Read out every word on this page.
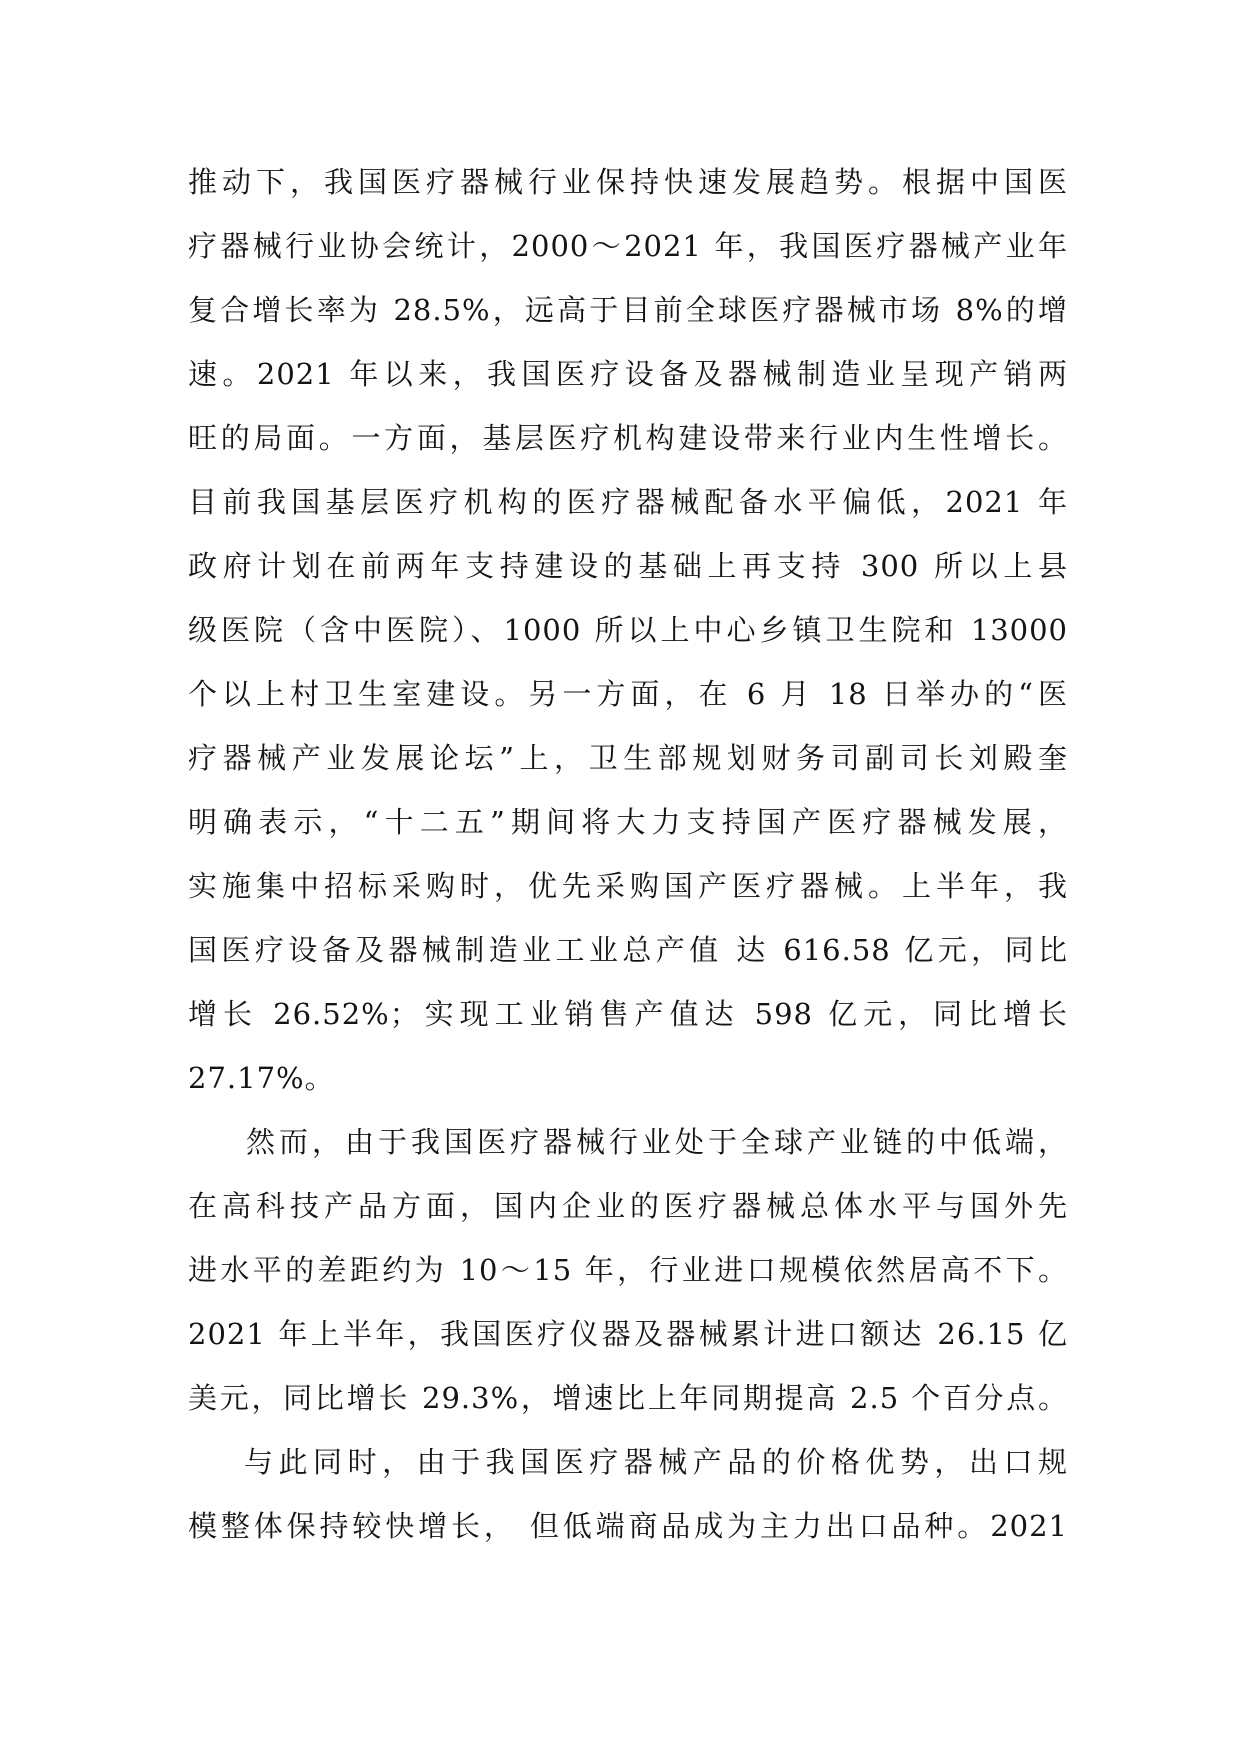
推动下，我国医疗器械行业保持快速发展趋势。根据中国医
疗器械行业协会统计，2000～2021 年，我国医疗器械产业年
复合增长率为 28.5%，远高于目前全球医疗器械市场 8%的增
速。2021 年以来，我国医疗设备及器械制造业呈现产销两
旺的局面。一方面，基层医疗机构建设带来行业内生性增长。
目前我国基层医疗机构的医疗器械配备水平偏低，2021 年
政府计划在前两年支持建设的基础上再支持 300 所以上县
级医院（含中医院）、1000 所以上中心乡镇卫生院和 13000
个以上村卫生室建设。另一方面，在 6 月 18 日举办的“医
疗器械产业发展论坛”上，卫生部规划财务司副司长刘殿奎
明确表示，“十二五”期间将大力支持国产医疗器械发展，
实施集中招标采购时，优先采购国产医疗器械。上半年，我
国医疗设备及器械制造业工业总产值 达 616.58 亿元，同比
增长 26.52%；实现工业销售产值达 598 亿元，同比增长
27.17%。
然而，由于我国医疗器械行业处于全球产业链的中低端，
在高科技产品方面，国内企业的医疗器械总体水平与国外先
进水平的差距约为 10～15 年，行业进口规模依然居高不下。
2021 年上半年，我国医疗仪器及器械累计进口额达 26.15 亿
美元，同比增长 29.3%，增速比上年同期提高 2.5 个百分点。
与此同时，由于我国医疗器械产品的价格优势，出口规
模整体保持较快增长， 但低端商品成为主力出口品种。2021
